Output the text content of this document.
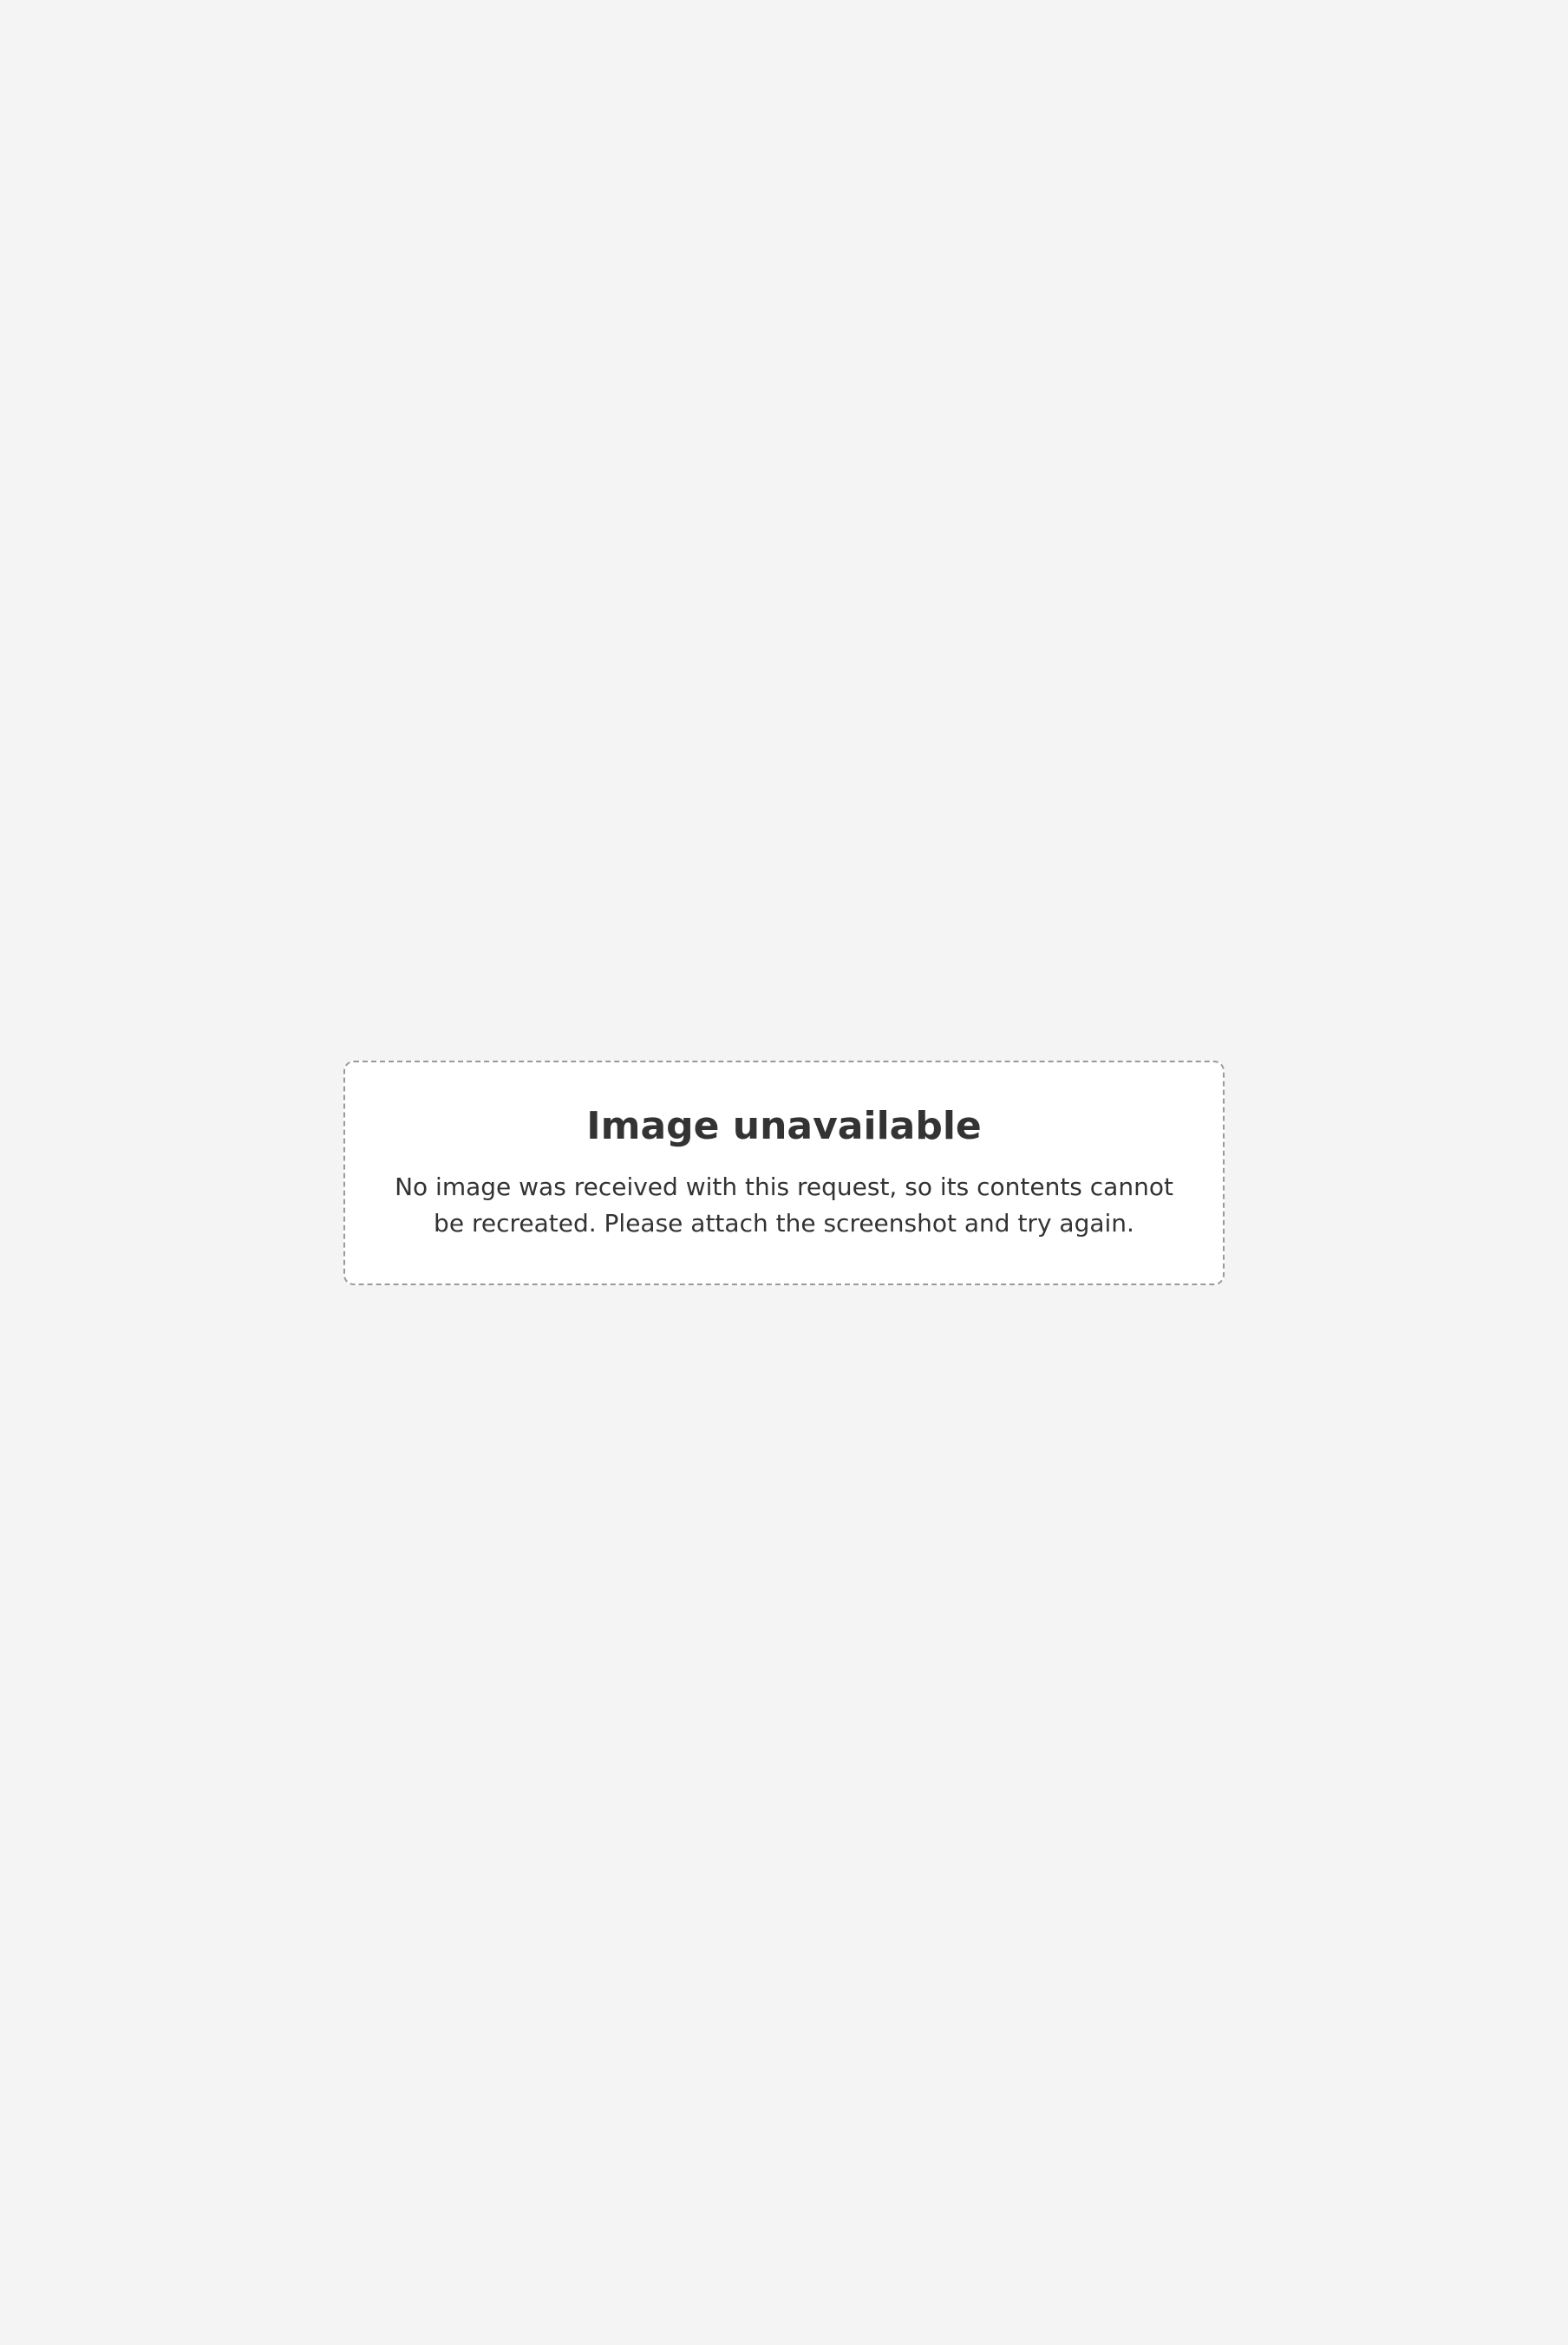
Image unavailable

No image was received with this request, so its contents cannot be recreated. Please attach the screenshot and try again.
